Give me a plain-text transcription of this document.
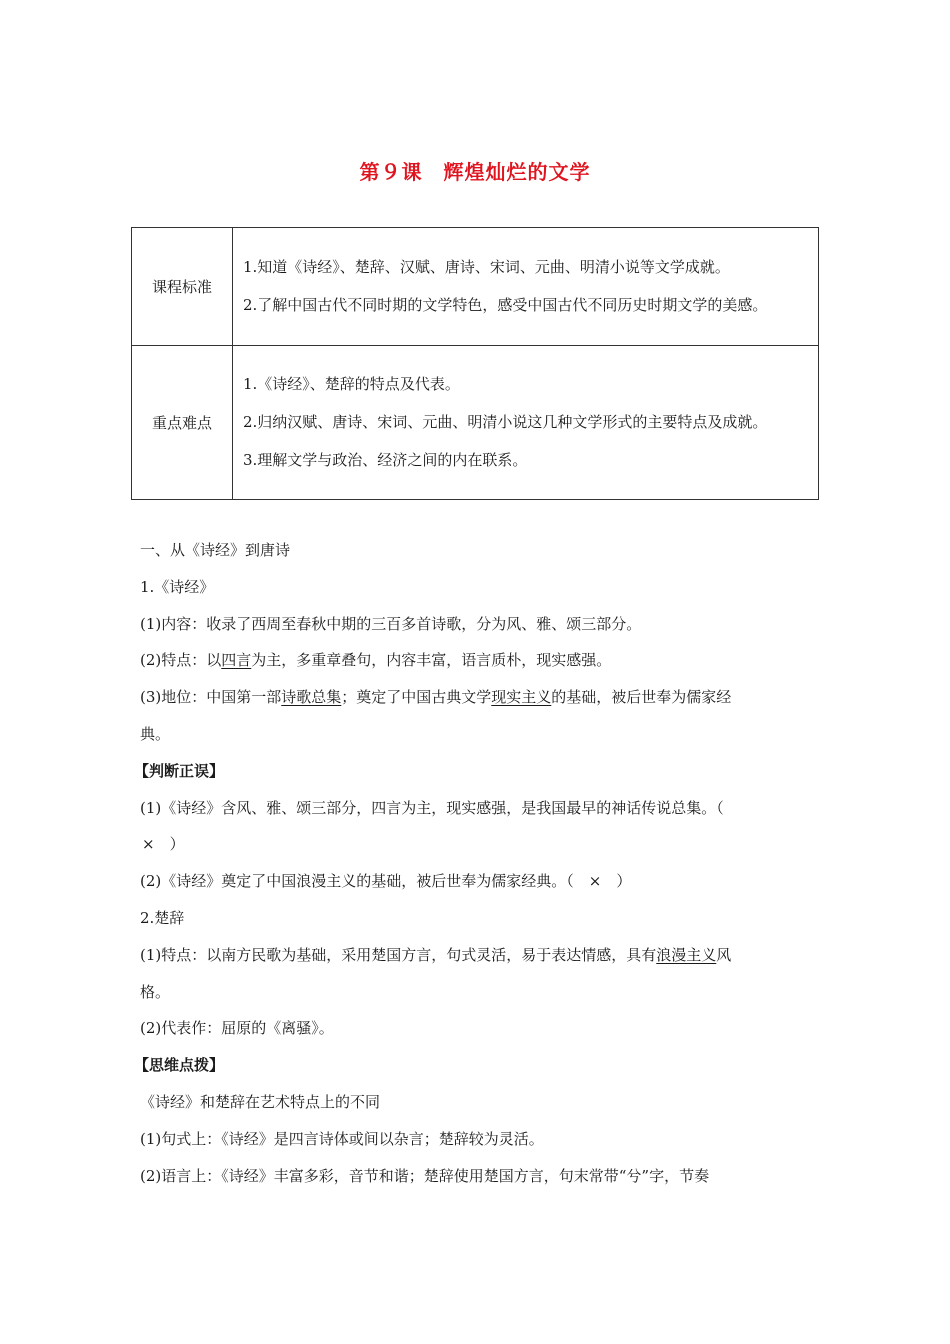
第９课　辉煌灿烂的文学
课程标准	1.知道《诗经》、楚辞、汉赋、唐诗、宋词、元曲、明清小说等文学成就。

2.了解中国古代不同时期的文学特色，感受中国古代不同历史时期文学的美感。

重点难点	1.《诗经》、楚辞的特点及代表。

2.归纳汉赋、唐诗、宋词、元曲、明清小说这几种文学形式的主要特点及成就。

3.理解文学与政治、经济之间的内在联系。

一、从《诗经》到唐诗
1.《诗经》
(1)内容：收录了西周至春秋中期的三百多首诗歌，分为风、雅、颂三部分。
(2)特点：以四言为主，多重章叠句，内容丰富，语言质朴，现实感强。
(3)地位：中国第一部诗歌总集；奠定了中国古典文学现实主义的基础，被后世奉为儒家经
典。
【判断正误】
(1)《诗经》含风、雅、颂三部分，四言为主，现实感强，是我国最早的神话传说总集。（
×　）
(2)《诗经》奠定了中国浪漫主义的基础，被后世奉为儒家经典。（　×　）
2.楚辞
(1)特点：以南方民歌为基础，采用楚国方言，句式灵活，易于表达情感，具有浪漫主义风
格。
(2)代表作：屈原的《离骚》。
【思维点拨】
《诗经》和楚辞在艺术特点上的不同
(1)句式上：《诗经》是四言诗体或间以杂言；楚辞较为灵活。
(2)语言上：《诗经》丰富多彩，音节和谐；楚辞使用楚国方言，句末常带“兮”字，节奏
